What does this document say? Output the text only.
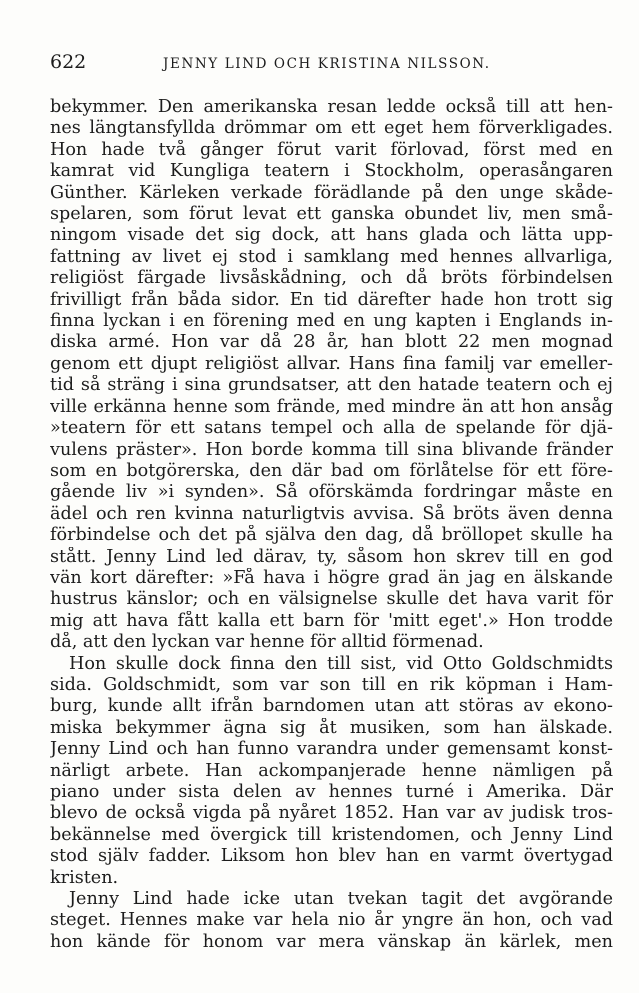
622	JENNY LIND OCH KRISTINA NILSSON.
bekymmer. Den amerikanska resan ledde också till att hen-
nes längtansfyllda drömmar om ett eget hem förverkligades.
Hon hade två gånger förut varit förlovad, först med en
kamrat vid Kungliga teatern i Stockholm, operasångaren
Günther. Kärleken verkade förädlande på den unge skåde-
spelaren, som förut levat ett ganska obundet liv, men små-
ningom visade det sig dock, att hans glada och lätta upp-
fattning av livet ej stod i samklang med hennes allvarliga,
religiöst färgade livsåskådning, och då bröts förbindelsen
frivilligt från båda sidor. En tid därefter hade hon trott sig
finna lyckan i en förening med en ung kapten i Englands in-
diska armé. Hon var då 28 år, han blott 22 men mognad
genom ett djupt religiöst allvar. Hans fina familj var emeller-
tid så sträng i sina grundsatser, att den hatade teatern och ej
ville erkänna henne som frände, med mindre än att hon ansåg
»teatern för ett satans tempel och alla de spelande för djä-
vulens präster». Hon borde komma till sina blivande fränder
som en botgörerska, den där bad om förlåtelse för ett före-
gående liv »i synden». Så oförskämda fordringar måste en
ädel och ren kvinna naturligtvis avvisa. Så bröts även denna
förbindelse och det på själva den dag, då bröllopet skulle ha
stått. Jenny Lind led därav, ty, såsom hon skrev till en god
vän kort därefter: »Få hava i högre grad än jag en älskande
hustrus känslor; och en välsignelse skulle det hava varit för
mig att hava fått kalla ett barn för 'mitt eget'.» Hon trodde
då, att den lyckan var henne för alltid förmenad.
Hon skulle dock finna den till sist, vid Otto Goldschmidts
sida. Goldschmidt, som var son till en rik köpman i Ham-
burg, kunde allt ifrån barndomen utan att störas av ekono-
miska bekymmer ägna sig åt musiken, som han älskade.
Jenny Lind och han funno varandra under gemensamt konst-
närligt arbete. Han ackompanjerade henne nämligen på
piano under sista delen av hennes turné i Amerika. Där
blevo de också vigda på nyåret 1852. Han var av judisk tros-
bekännelse med övergick till kristendomen, och Jenny Lind
stod själv fadder. Liksom hon blev han en varmt övertygad
kristen.
Jenny Lind hade icke utan tvekan tagit det avgörande
steget. Hennes make var hela nio år yngre än hon, och vad
hon kände för honom var mera vänskap än kärlek, men
